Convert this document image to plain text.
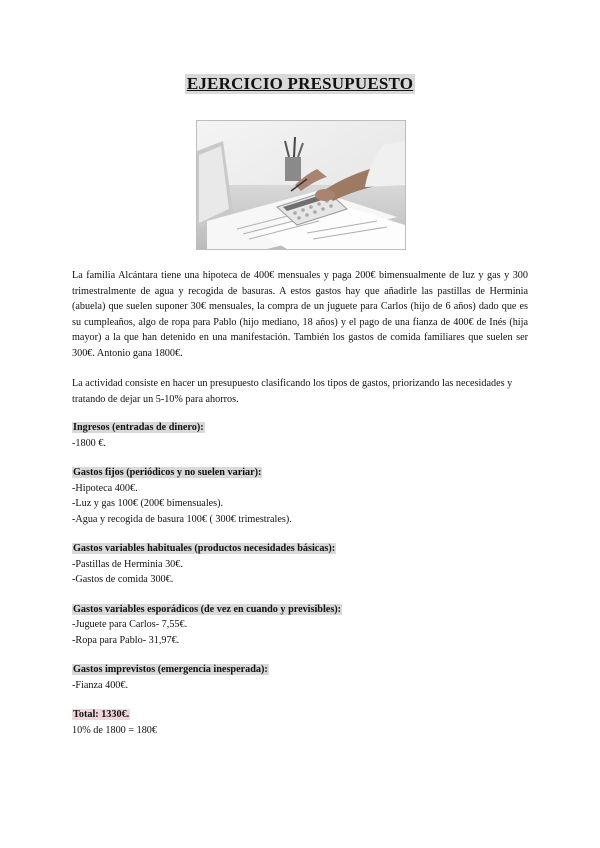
EJERCICIO PRESUPUESTO

La familia Alcántara tiene una hipoteca de 400€ mensuales y paga 200€ bimensualmente de luz y gas y 300 trimestralmente de agua y recogida de basuras. A estos gastos hay que añadirle las pastillas de Herminia (abuela) que suelen suponer 30€ mensuales, la compra de un juguete para Carlos (hijo de 6 años) dado que es su cumpleaños, algo de ropa para Pablo (hijo mediano, 18 años) y el pago de una fianza de 400€ de Inés (hija mayor) a la que han detenido en una manifestación. También los gastos de comida familiares que suelen ser 300€. Antonio gana 1800€.

La actividad consiste en hacer un presupuesto clasificando los tipos de gastos, priorizando las necesidades y tratando de dejar un 5-10% para ahorros.

Ingresos (entradas de dinero):
-1800 €.
Gastos fijos (periódicos y no suelen variar):
-Hipoteca 400€.
-Luz y gas 100€ (200€ bimensuales).
-Agua y recogida de basura 100€ ( 300€ trimestrales).
Gastos variables habituales (productos necesidades básicas):
-Pastillas de Herminia 30€.
-Gastos de comida 300€.
Gastos variables esporádicos (de vez en cuando y previsibles):
-Juguete para Carlos- 7,55€.
-Ropa para Pablo- 31,97€.
Gastos imprevistos (emergencia inesperada):
-Fianza 400€.
Total: 1330€.

10% de 1800 = 180€
